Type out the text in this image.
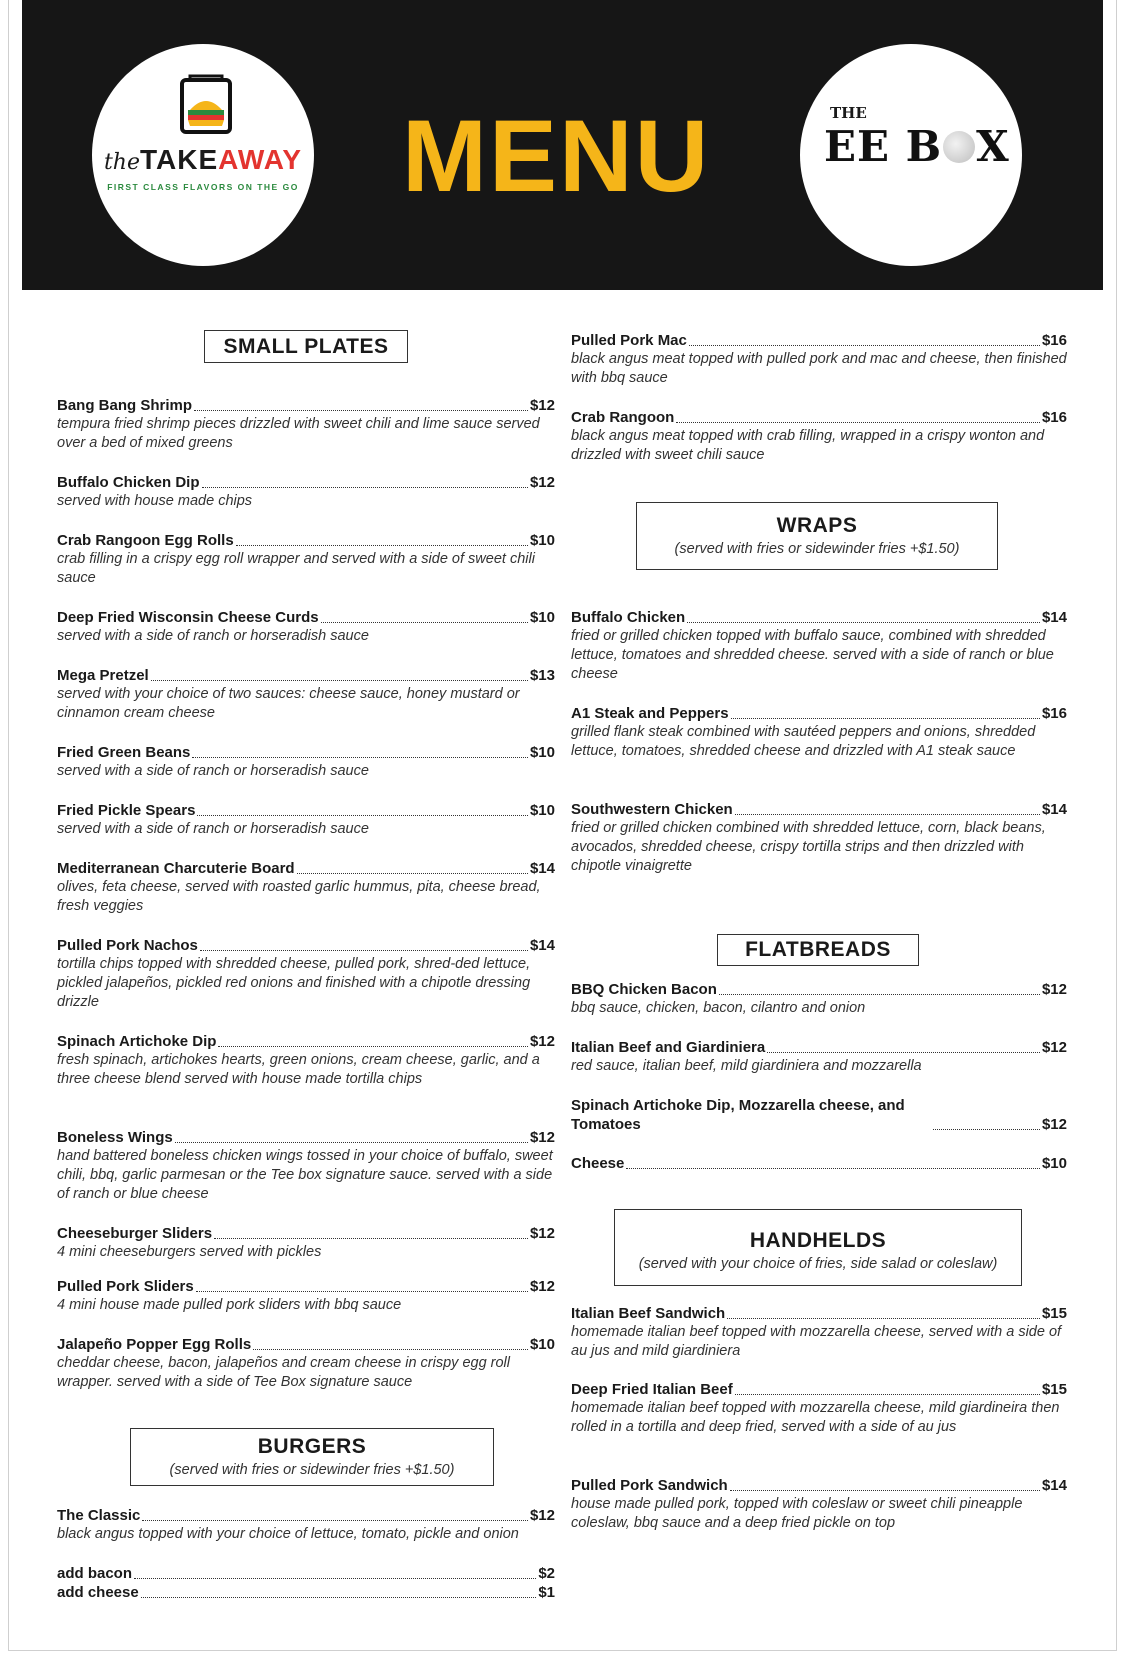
theTAKEAWAY
FIRST CLASS FLAVORS ON THE GO MENU	THE
EE B X
SMALL PLATES
Bang Bang Shrimp	$12
tempura fried shrimp pieces drizzled with sweet chili and lime sauce served over a bed of mixed greens
Buffalo Chicken Dip	$12
served with house made chips
Crab Rangoon Egg Rolls	$10
crab filling in a crispy egg roll wrapper and served with a side of sweet chili sauce
Deep Fried Wisconsin Cheese Curds	$10
served with a side of ranch or horseradish sauce
Mega Pretzel	$13
served with your choice of two sauces: cheese sauce, honey mustard or cinnamon cream cheese
Fried Green Beans	$10
served with a side of ranch or horseradish sauce
Fried Pickle Spears	$10
served with a side of ranch or horseradish sauce
Mediterranean Charcuterie Board	$14
olives, feta cheese, served with roasted garlic hummus, pita, cheese bread, fresh veggies
Pulled Pork Nachos	$14
tortilla chips topped with shredded cheese, pulled pork, shred-ded lettuce, pickled jalapeños, pickled red onions and finished with a chipotle dressing drizzle
Spinach Artichoke Dip	$12
fresh spinach, artichokes hearts, green onions, cream cheese, garlic, and a three cheese blend served with house made tortilla chips
Boneless Wings	$12
hand battered boneless chicken wings tossed in your choice of buffalo, sweet chili, bbq, garlic parmesan or the Tee box signature sauce. served with a side of ranch or blue cheese
Cheeseburger Sliders	$12
4 mini cheeseburgers served with pickles
Pulled Pork Sliders	$12
4 mini house made pulled pork sliders with bbq sauce
Jalapeño Popper Egg Rolls	$10
cheddar cheese, bacon, jalapeños and cream cheese in crispy egg roll wrapper. served with a side of Tee Box signature sauce
BURGERS
(served with fries or sidewinder fries +$1.50)
The Classic	$12
black angus topped with your choice of lettuce, tomato, pickle and onion
add bacon	$2
add cheese	$1
Pulled Pork Mac	$16
black angus meat topped with pulled pork and mac and cheese, then finished with bbq sauce
Crab Rangoon	$16
black angus meat topped with crab filling, wrapped in a crispy wonton and drizzled with sweet chili sauce
WRAPS
(served with fries or sidewinder fries +$1.50)
Buffalo Chicken	$14
fried or grilled chicken topped with buffalo sauce, combined with shredded lettuce, tomatoes and shredded cheese. served with a side of ranch or blue cheese
A1 Steak and Peppers	$16
grilled flank steak combined with sautéed peppers and onions, shredded lettuce, tomatoes, shredded cheese and drizzled with A1 steak sauce
Southwestern Chicken	$14
fried or grilled chicken combined with shredded lettuce, corn, black beans, avocados, shredded cheese, crispy tortilla strips and then drizzled with chipotle vinaigrette
FLATBREADS
BBQ Chicken Bacon	$12
bbq sauce, chicken, bacon, cilantro and onion
Italian Beef and Giardiniera	$12
red sauce, italian beef, mild giardiniera and mozzarella
Spinach Artichoke Dip, Mozzarella cheese, and Tomatoes	$12
Cheese	$10
HANDHELDS
(served with your choice of fries, side salad or coleslaw)
Italian Beef Sandwich	$15
homemade italian beef topped with mozzarella cheese, served with a side of au jus and mild giardiniera
Deep Fried Italian Beef	$15
homemade italian beef topped with mozzarella cheese, mild giardineira then rolled in a tortilla and deep fried, served with a side of au jus
Pulled Pork Sandwich	$14
house made pulled pork, topped with coleslaw or sweet chili pineapple coleslaw, bbq sauce and a deep fried pickle on top
